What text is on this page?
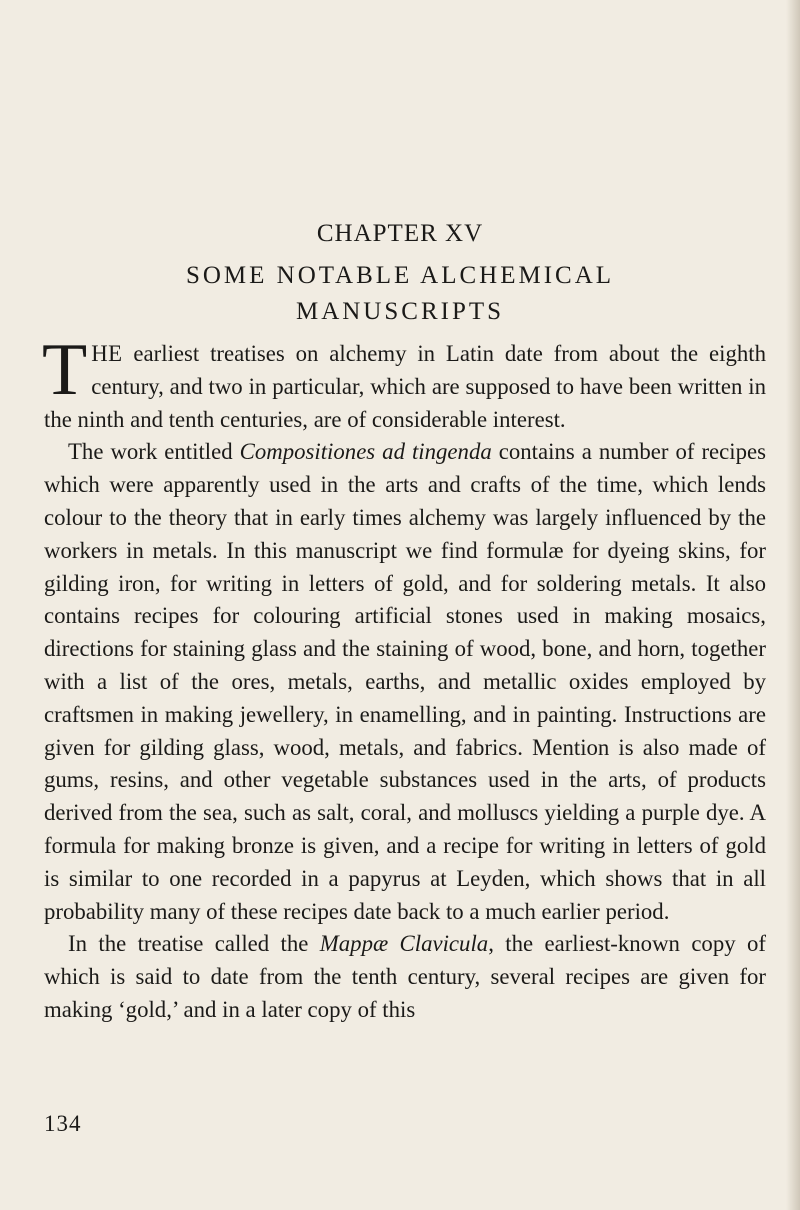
CHAPTER XV
SOME NOTABLE ALCHEMICAL
MANUSCRIPTS

THE earliest treatises on alchemy in Latin date from about the eighth century, and two in particular, which are supposed to have been written in the ninth and tenth centuries, are of considerable interest.

The work entitled Compositiones ad tingenda contains a number of recipes which were apparently used in the arts and crafts of the time, which lends colour to the theory that in early times alchemy was largely influenced by the workers in metals. In this manuscript we find formulæ for dyeing skins, for gilding iron, for writing in letters of gold, and for soldering metals. It also contains recipes for colouring artificial stones used in making mosaics, directions for staining glass and the staining of wood, bone, and horn, together with a list of the ores, metals, earths, and metallic oxides employed by craftsmen in making jewellery, in enamelling, and in painting. Instructions are given for gilding glass, wood, metals, and fabrics. Mention is also made of gums, resins, and other vegetable substances used in the arts, of products derived from the sea, such as salt, coral, and molluscs yielding a purple dye. A formula for making bronze is given, and a recipe for writing in letters of gold is similar to one recorded in a papyrus at Leyden, which shows that in all probability many of these recipes date back to a much earlier period.

In the treatise called the Mappæ Clavicula, the earliest-known copy of which is said to date from the tenth century, several recipes are given for making ‘gold,’ and in a later copy of this

134
